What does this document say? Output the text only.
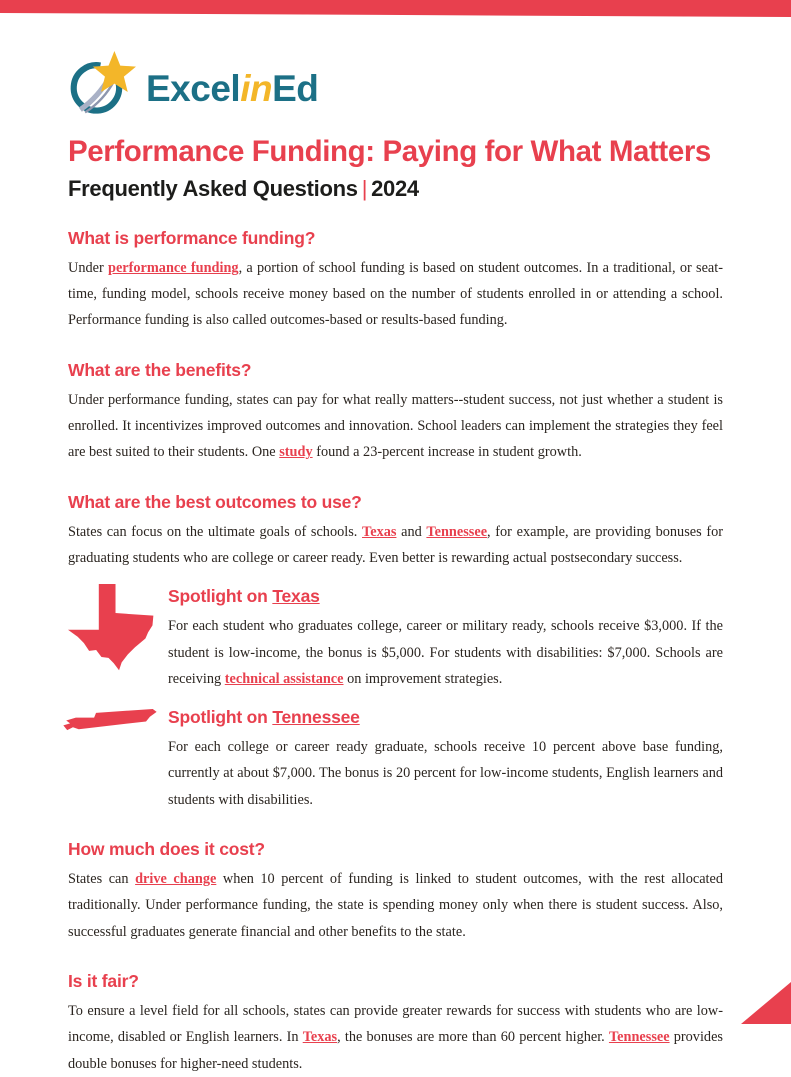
ExcelinEd
Performance Funding: Paying for What Matters
Frequently Asked Questions | 2024
What is performance funding?

Under performance funding, a portion of school funding is based on student outcomes. In a traditional, or seat-time, funding model, schools receive money based on the number of students enrolled in or attending a school. Performance funding is also called outcomes-based or results-based funding.

What are the benefits?

Under performance funding, states can pay for what really matters--student success, not just whether a student is enrolled. It incentivizes improved outcomes and innovation. School leaders can implement the strategies they feel are best suited to their students. One study found a 23-percent increase in student growth.

What are the best outcomes to use?

States can focus on the ultimate goals of schools. Texas and Tennessee, for example, are providing bonuses for graduating students who are college or career ready. Even better is rewarding actual postsecondary success.

Spotlight on Texas

For each student who graduates college, career or military ready, schools receive $3,000. If the student is low-income, the bonus is $5,000. For students with disabilities: $7,000. Schools are receiving technical assistance on improvement strategies.

Spotlight on Tennessee

For each college or career ready graduate, schools receive 10 percent above base funding, currently at about $7,000. The bonus is 20 percent for low-income students, English learners and students with disabilities.

How much does it cost?

States can drive change when 10 percent of funding is linked to student outcomes, with the rest allocated traditionally. Under performance funding, the state is spending money only when there is student success. Also, successful graduates generate financial and other benefits to the state.

Is it fair?

To ensure a level field for all schools, states can provide greater rewards for success with students who are low-income, disabled or English learners. In Texas, the bonuses are more than 60 percent higher. Tennessee provides double bonuses for higher-need students.
